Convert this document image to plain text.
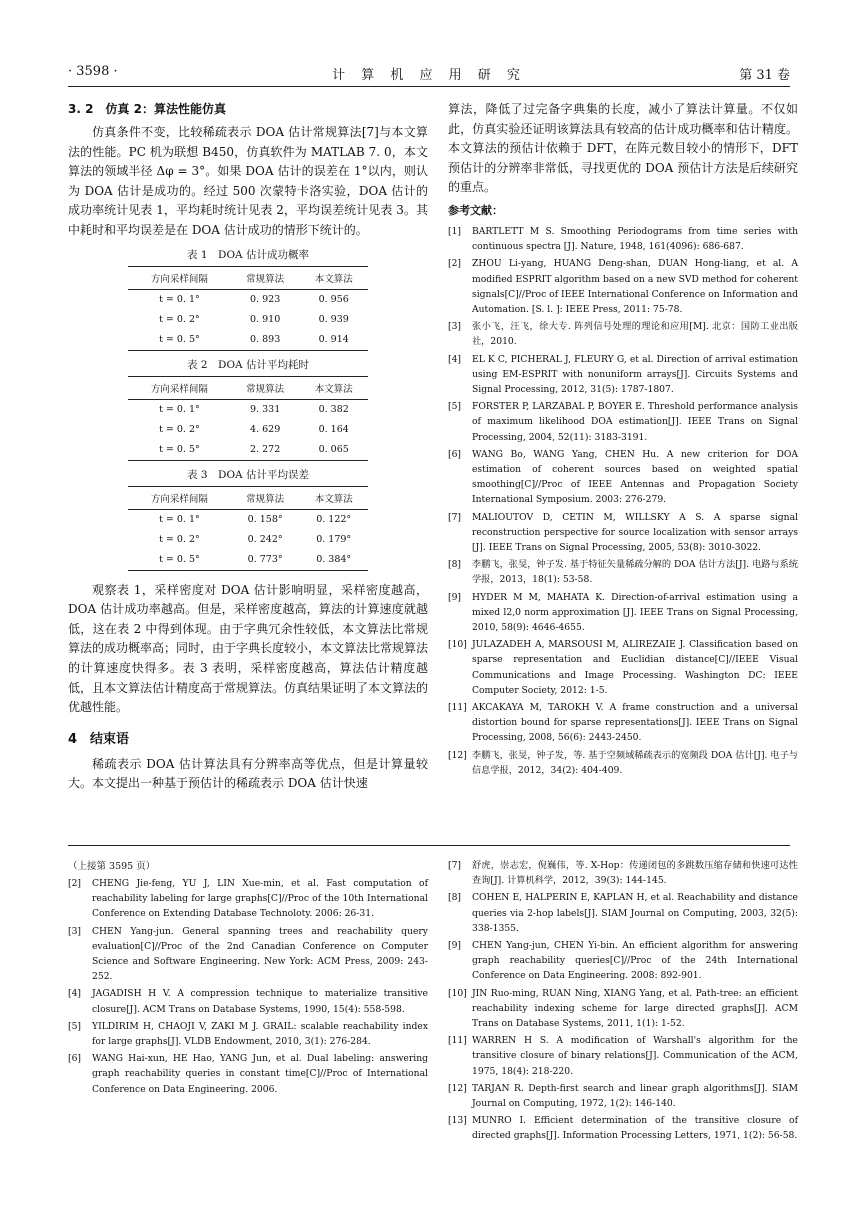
· 3598 ·	计 算 机 应 用 研 究	第 31 卷
3. 2　仿真 2：算法性能仿真

仿真条件不变，比较稀疏表示 DOA 估计常规算法[7]与本文算法的性能。PC 机为联想 B450，仿真软件为 MATLAB 7. 0，本文算法的领域半径 Δφ = 3°。如果 DOA 估计的误差在 1°以内，则认为 DOA 估计是成功的。经过 500 次蒙特卡洛实验，DOA 估计的成功率统计见表 1，平均耗时统计见表 2，平均误差统计见表 3。其中耗时和平均误差是在 DOA 估计成功的情形下统计的。

表 1　DOA 估计成功概率
方向采样间隔	常规算法	本文算法
t = 0. 1°	0. 923	0. 956
t = 0. 2°	0. 910	0. 939
t = 0. 5°	0. 893	0. 914
表 2　DOA 估计平均耗时
方向采样间隔	常规算法	本文算法
t = 0. 1°	9. 331	0. 382
t = 0. 2°	4. 629	0. 164
t = 0. 5°	2. 272	0. 065
表 3　DOA 估计平均误差
方向采样间隔	常规算法	本文算法
t = 0. 1°	0. 158°	0. 122°
t = 0. 2°	0. 242°	0. 179°
t = 0. 5°	0. 773°	0. 384°

观察表 1，采样密度对 DOA 估计影响明显，采样密度越高，DOA 估计成功率越高。但是，采样密度越高，算法的计算速度就越低，这在表 2 中得到体现。由于字典冗余性较低，本文算法比常规算法的成功概率高；同时，由于字典长度较小，本文算法比常规算法的计算速度快得多。表 3 表明，采样密度越高，算法估计精度越低，且本文算法估计精度高于常规算法。仿真结果证明了本文算法的优越性能。

4　结束语

稀疏表示 DOA 估计算法具有分辨率高等优点，但是计算量较大。本文提出一种基于预估计的稀疏表示 DOA 估计快速

算法，降低了过完备字典集的长度，减小了算法计算量。不仅如此，仿真实验还证明该算法具有较高的估计成功概率和估计精度。本文算法的预估计依赖于 DFT，在阵元数目较小的情形下，DFT 预估计的分辨率非常低，寻找更优的 DOA 预估计方法是后续研究的重点。

参考文献：
[1] BARTLETT M S. Smoothing Periodograms from time series with continuous spectra [J]. Nature, 1948, 161(4096): 686-687.
[2] ZHOU Li-yang, HUANG Deng-shan, DUAN Hong-liang, et al. A modified ESPRIT algorithm based on a new SVD method for coherent signals[C]//Proc of IEEE International Conference on Information and Automation. [S. l. ]: IEEE Press, 2011: 75-78.
[3] 张小飞，汪飞，徐大专. 阵列信号处理的理论和应用[M]. 北京：国防工业出版社，2010.
[4] EL K C, PICHERAL J, FLEURY G, et al. Direction of arrival estimation using EM-ESPRIT with nonuniform arrays[J]. Circuits Systems and Signal Processing, 2012, 31(5): 1787-1807.
[5] FORSTER P, LARZABAL P, BOYER E. Threshold performance analysis of maximum likelihood DOA estimation[J]. IEEE Trans on Signal Processing, 2004, 52(11): 3183-3191.
[6] WANG Bo, WANG Yang, CHEN Hu. A new criterion for DOA estimation of coherent sources based on weighted spatial smoothing[C]//Proc of IEEE Antennas and Propagation Society International Symposium. 2003: 276-279.
[7] MALIOUTOV D, CETIN M, WILLSKY A S. A sparse signal reconstruction perspective for source localization with sensor arrays [J]. IEEE Trans on Signal Processing, 2005, 53(8): 3010-3022.
[8] 李鹏飞，张旻，钟子发. 基于特征矢量稀疏分解的 DOA 估计方法[J]. 电路与系统学报，2013，18(1): 53-58.
[9] HYDER M M, MAHATA K. Direction-of-arrival estimation using a mixed l2,0 norm approximation [J]. IEEE Trans on Signal Processing, 2010, 58(9): 4646-4655.
[10] JULAZADEH A, MARSOUSI M, ALIREZAIE J. Classification based on sparse representation and Euclidian distance[C]//IEEE Visual Communications and Image Processing. Washington DC: IEEE Computer Society, 2012: 1-5.
[11] AKCAKAYA M, TAROKH V. A frame construction and a universal distortion bound for sparse representations[J]. IEEE Trans on Signal Processing, 2008, 56(6): 2443-2450.
[12] 李鹏飞，张旻，钟子发，等. 基于空频域稀疏表示的宽频段 DOA 估计[J]. 电子与信息学报，2012，34(2): 404-409.
（上接第 3595 页）
[2] CHENG Jie-feng, YU J, LIN Xue-min, et al. Fast computation of reachability labeling for large graphs[C]//Proc of the 10th International Conference on Extending Database Technoloty. 2006: 26-31.
[3] CHEN Yang-jun. General spanning trees and reachability query evaluation[C]//Proc of the 2nd Canadian Conference on Computer Science and Software Engineering. New York: ACM Press, 2009: 243-252.
[4] JAGADISH H V. A compression technique to materialize transitive closure[J]. ACM Trans on Database Systems, 1990, 15(4): 558-598.
[5] YILDIRIM H, CHAOJI V, ZAKI M J. GRAIL: scalable reachability index for large graphs[J]. VLDB Endowment, 2010, 3(1): 276-284.
[6] WANG Hai-xun, HE Hao, YANG Jun, et al. Dual labeling: answering graph reachability queries in constant time[C]//Proc of International Conference on Data Engineering. 2006.
[7] 舒虎，崇志宏，倪巍伟，等. X-Hop：传递闭包的多跳数压缩存储和快速可达性查询[J]. 计算机科学，2012，39(3): 144-145.
[8] COHEN E, HALPERIN E, KAPLAN H, et al. Reachability and distance queries via 2-hop labels[J]. SIAM Journal on Computing, 2003, 32(5): 338-1355.
[9] CHEN Yang-jun, CHEN Yi-bin. An efficient algorithm for answering graph reachability queries[C]//Proc of the 24th International Conference on Data Engineering. 2008: 892-901.
[10] JIN Ruo-ming, RUAN Ning, XIANG Yang, et al. Path-tree: an efficient reachability indexing scheme for large directed graphs[J]. ACM Trans on Database Systems, 2011, 1(1): 1-52.
[11] WARREN H S. A modification of Warshall's algorithm for the transitive closure of binary relations[J]. Communication of the ACM, 1975, 18(4): 218-220.
[12] TARJAN R. Depth-first search and linear graph algorithms[J]. SIAM Journal on Computing, 1972, 1(2): 146-140.
[13] MUNRO I. Efficient determination of the transitive closure of directed graphs[J]. Information Processing Letters, 1971, 1(2): 56-58.
